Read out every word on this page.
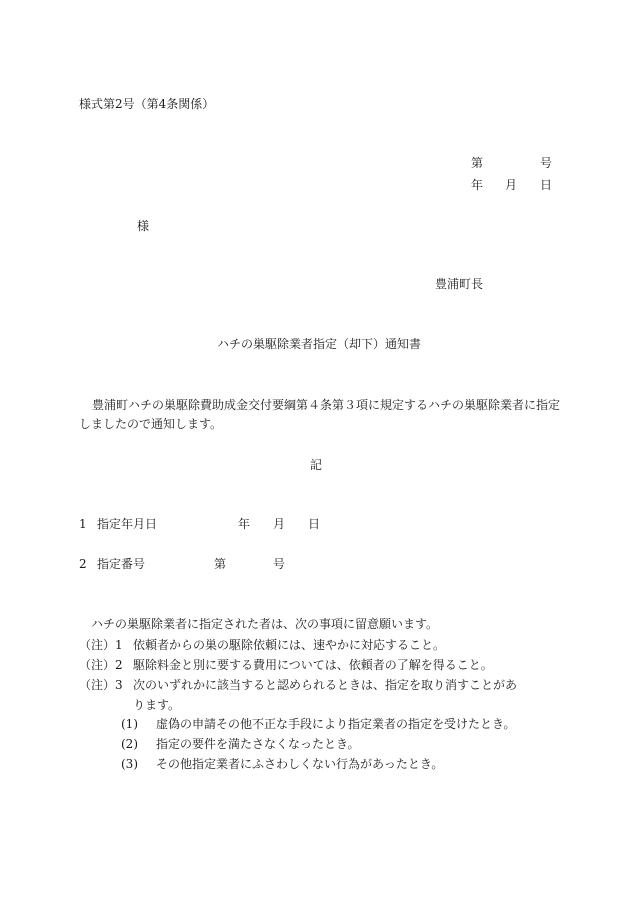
様式第2号（第4条関係）
第	号
年 月 日
様
豊浦町長
ハチの巣駆除業者指定（却下）通知書
豊浦町ハチの巣駆除費助成金交付要綱第４条第３項に規定するハチの巣駆除業者に指定
しましたので通知します。
記
1 指定年月日	年 月 日
2 指定番号	第	号
ハチの巣駆除業者に指定された者は、次の事項に留意願います。
（注）1 依頼者からの巣の駆除依頼には、速やかに対応すること。
（注）2 駆除料金と別に要する費用については、依頼者の了解を得ること。
（注）3 次のいずれかに該当すると認められるときは、指定を取り消すことがあ
ります。
(1) 虚偽の申請その他不正な手段により指定業者の指定を受けたとき。
(2) 指定の要件を満たさなくなったとき。
(3) その他指定業者にふさわしくない行為があったとき。
